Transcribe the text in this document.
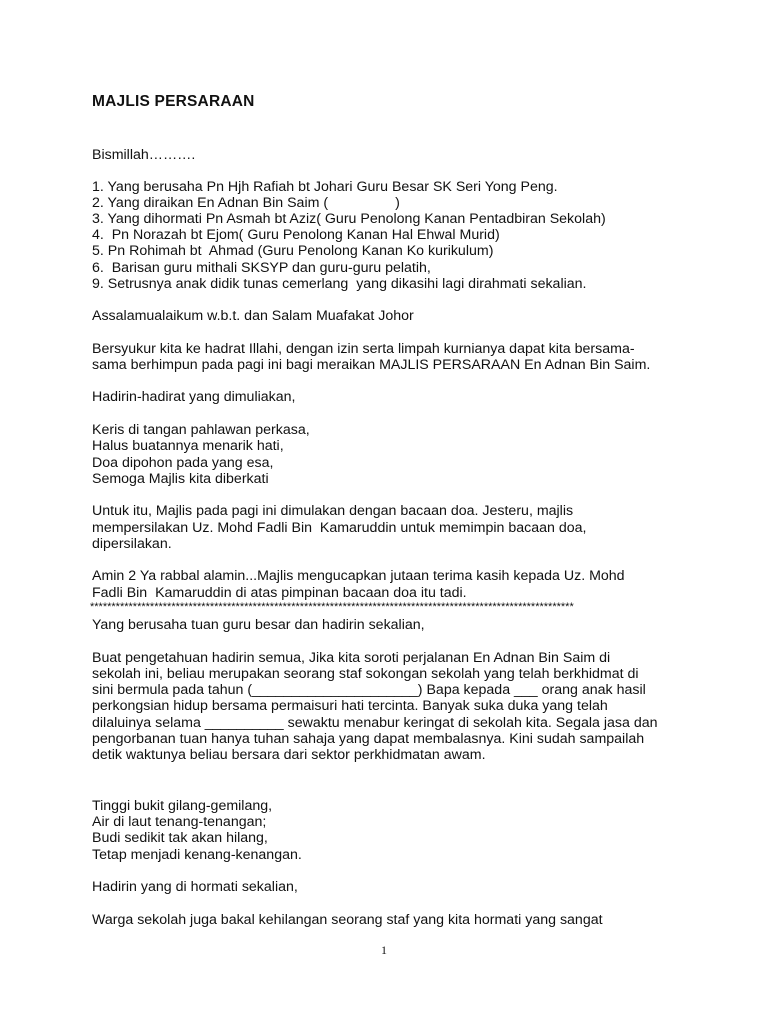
MAJLIS PERSARAAN
Bismillah……….
1. Yang berusaha Pn Hjh Rafiah bt Johari Guru Besar SK Seri Yong Peng.
2. Yang diraikan En Adnan Bin Saim (                 )
3. Yang dihormati Pn Asmah bt Aziz( Guru Penolong Kanan Pentadbiran Sekolah)
4.  Pn Norazah bt Ejom( Guru Penolong Kanan Hal Ehwal Murid)
5. Pn Rohimah bt  Ahmad (Guru Penolong Kanan Ko kurikulum)
6.  Barisan guru mithali SKSYP dan guru-guru pelatih,
9. Setrusnya anak didik tunas cemerlang  yang dikasihi lagi dirahmati sekalian.
Assalamualaikum w.b.t. dan Salam Muafakat Johor
Bersyukur kita ke hadrat Illahi, dengan izin serta limpah kurnianya dapat kita bersama-
sama berhimpun pada pagi ini bagi meraikan MAJLIS PERSARAAN En Adnan Bin Saim.
Hadirin-hadirat yang dimuliakan,
Keris di tangan pahlawan perkasa,
Halus buatannya menarik hati,
Doa dipohon pada yang esa,
Semoga Majlis kita diberkati
Untuk itu, Majlis pada pagi ini dimulakan dengan bacaan doa. Jesteru, majlis
mempersilakan Uz. Mohd Fadli Bin  Kamaruddin untuk memimpin bacaan doa,
dipersilakan.
Amin 2 Ya rabbal alamin...Majlis mengucapkan jutaan terima kasih kepada Uz. Mohd
Fadli Bin  Kamaruddin di atas pimpinan bacaan doa itu tadi.
*****************************************************************************************************************
Yang berusaha tuan guru besar dan hadirin sekalian,
Buat pengetahuan hadirin semua, Jika kita soroti perjalanan En Adnan Bin Saim di
sekolah ini, beliau merupakan seorang staf sokongan sekolah yang telah berkhidmat di
sini bermula pada tahun (_____________________) Bapa kepada ___ orang anak hasil
perkongsian hidup bersama permaisuri hati tercinta. Banyak suka duka yang telah
dilaluinya selama __________ sewaktu menabur keringat di sekolah kita. Segala jasa dan
pengorbanan tuan hanya tuhan sahaja yang dapat membalasnya. Kini sudah sampailah
detik waktunya beliau bersara dari sektor perkhidmatan awam.
Tinggi bukit gilang-gemilang,
Air di laut tenang-tenangan;
Budi sedikit tak akan hilang,
Tetap menjadi kenang-kenangan.
Hadirin yang di hormati sekalian,
Warga sekolah juga bakal kehilangan seorang staf yang kita hormati yang sangat
1
